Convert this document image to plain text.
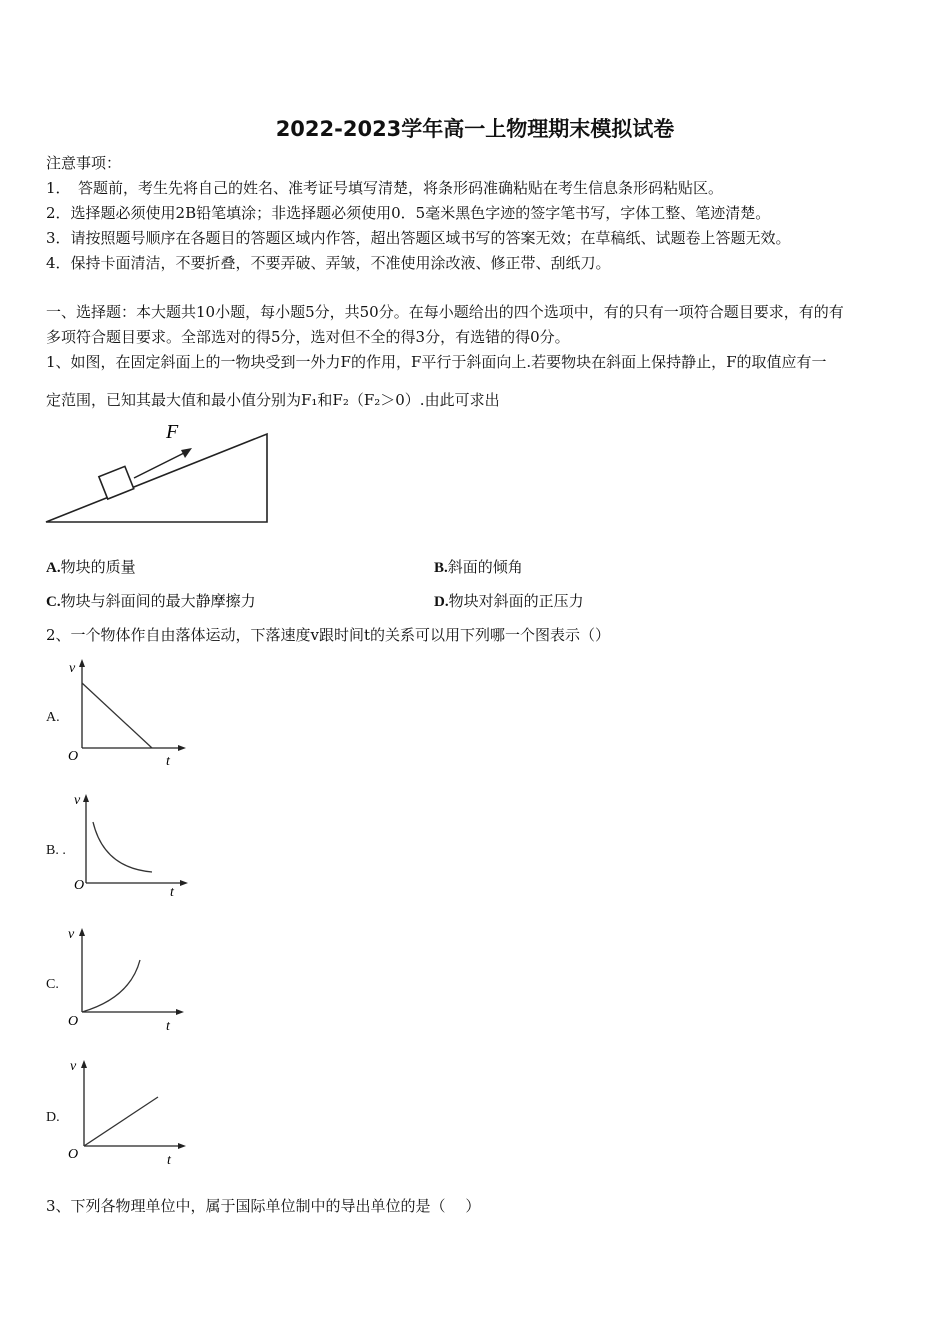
2022-2023学年高一上物理期末模拟试卷
注意事项：
1．　答题前，考生先将自己的姓名、准考证号填写清楚，将条形码准确粘贴在考生信息条形码粘贴区。
2．选择题必须使用2B铅笔填涂；非选择题必须使用0．5毫米黑色字迹的签字笔书写，字体工整、笔迹清楚。
3．请按照题号顺序在各题目的答题区域内作答，超出答题区域书写的答案无效；在草稿纸、试题卷上答题无效。
4．保持卡面清洁，不要折叠，不要弄破、弄皱，不准使用涂改液、修正带、刮纸刀。
一、选择题：本大题共10小题，每小题5分，共50分。在每小题给出的四个选项中，有的只有一项符合题目要求，有的有
多项符合题目要求。全部选对的得5分，选对但不全的得3分，有选错的得0分。
1、如图，在固定斜面上的一物块受到一外力F的作用，F平行于斜面向上.若要物块在斜面上保持静止，F的取值应有一
定范围，已知其最大值和最小值分别为F₁和F₂（F₂＞0）.由此可求出
F
A.物块的质量	B.斜面的倾角
C.物块与斜面间的最大静摩擦力	D.物块对斜面的正压力
2、一个物体作自由落体运动，下落速度v跟时间t的关系可以用下列哪一个图表示（）
A.
v
O	t
B. .
v
O	t
C.
v
O	t
D.
v
O	t
3、下列各物理单位中，属于国际单位制中的导出单位的是（　 ）
